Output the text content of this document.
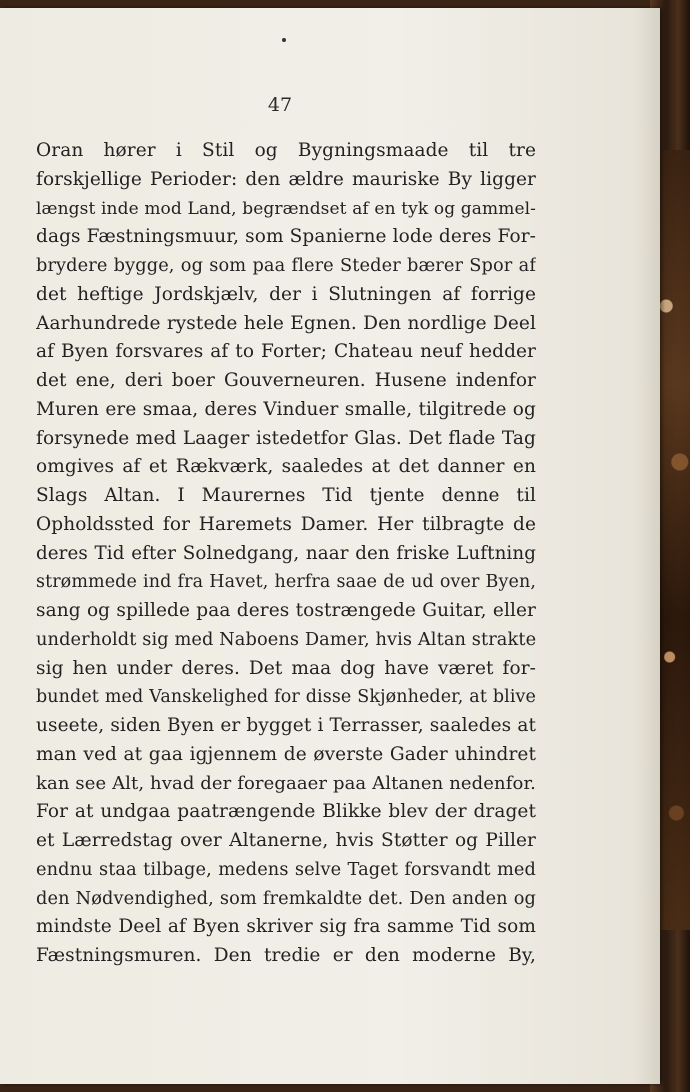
47
Oran hører i Stil og Bygningsmaade til tre
forskjellige Perioder: den ældre mauriske By ligger
længst inde mod Land, begrændset af en tyk og gammel-
dags Fæstningsmuur, som Spanierne lode deres For-
brydere bygge, og som paa flere Steder bærer Spor af
det heftige Jordskjælv, der i Slutningen af forrige
Aarhundrede rystede hele Egnen. Den nordlige Deel
af Byen forsvares af to Forter; Chateau neuf hedder
det ene, deri boer Gouverneuren. Husene indenfor
Muren ere smaa, deres Vinduer smalle, tilgitrede og
forsynede med Laager istedetfor Glas. Det flade Tag
omgives af et Rækværk, saaledes at det danner en
Slags Altan. I Maurernes Tid tjente denne til
Opholdssted for Haremets Damer. Her tilbragte de
deres Tid efter Solnedgang, naar den friske Luftning
strømmede ind fra Havet, herfra saae de ud over Byen,
sang og spillede paa deres tostrængede Guitar, eller
underholdt sig med Naboens Damer, hvis Altan strakte
sig hen under deres. Det maa dog have været for-
bundet med Vanskelighed for disse Skjønheder, at blive
useete, siden Byen er bygget i Terrasser, saaledes at
man ved at gaa igjennem de øverste Gader uhindret
kan see Alt, hvad der foregaaer paa Altanen nedenfor.
For at undgaa paatrængende Blikke blev der draget
et Lærredstag over Altanerne, hvis Støtter og Piller
endnu staa tilbage, medens selve Taget forsvandt med
den Nødvendighed, som fremkaldte det. Den anden og
mindste Deel af Byen skriver sig fra samme Tid som
Fæstningsmuren. Den tredie er den moderne By,
